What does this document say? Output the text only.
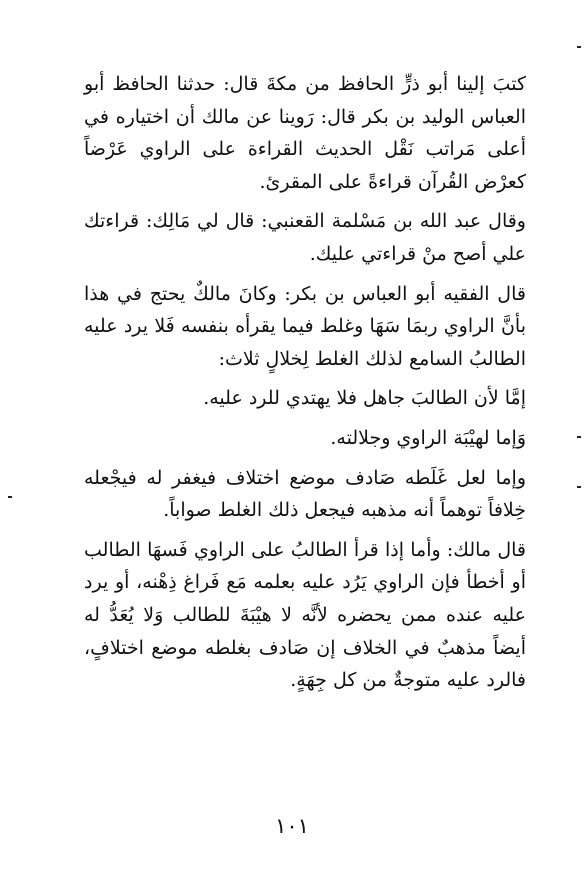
كتبَ إلينا أبو ذرٍّ الحافظ من مكةَ قال: حدثنا الحافظ أبو العباس الوليد بن بكر قال: رَوينا عن مالك أن اختياره في أعلى مَراتب نَقْل الحديث القراءة على الراوي عَرْضاً كعرْض القُرآن قراءةً على المقرئ.

وقال عبد الله بن مَسْلمة القعنبي: قال لي مَالِك: قراءتك علي أصح منْ قراءتي عليك.

قال الفقيه أبو العباس بن بكر: وكانَ مالكٌ يحتج في هذا بأنَّ الراوي ربمَا سَهَا وغلط فيما يقرأه بنفسه فَلا يرد عليه الطالبُ السامع لذلك الغلط لِخلالٍ ثلاث:

إمَّا لأن الطالبَ جاهل فلا يهتدي للرد عليه.

وَإما لهيْبَة الراوي وجلالته.

وإما لعل غَلَطه صَادف موضع اختلاف فيغفر له فيجْعله خِلافاً توهماً أنه مذهبه فيجعل ذلك الغلط صواباً.

قال مالك: وأما إذا قرأ الطالبُ على الراوي فَسهَا الطالب أو أخطأ فإن الراوي يَرُد عليه بعلمه مَع فَراغ ذِهْنه، أو يرد عليه عنده ممن يحضره لأنَّه لا هيْبَةَ للطالب وَلا يُعَدُّ له أيضاً مذهبٌ في الخلاف إن صَادف بغلطه موضع اختلافٍ، فالرد عليه متوجةٌ من كل جِهَةٍ.

١٠١
